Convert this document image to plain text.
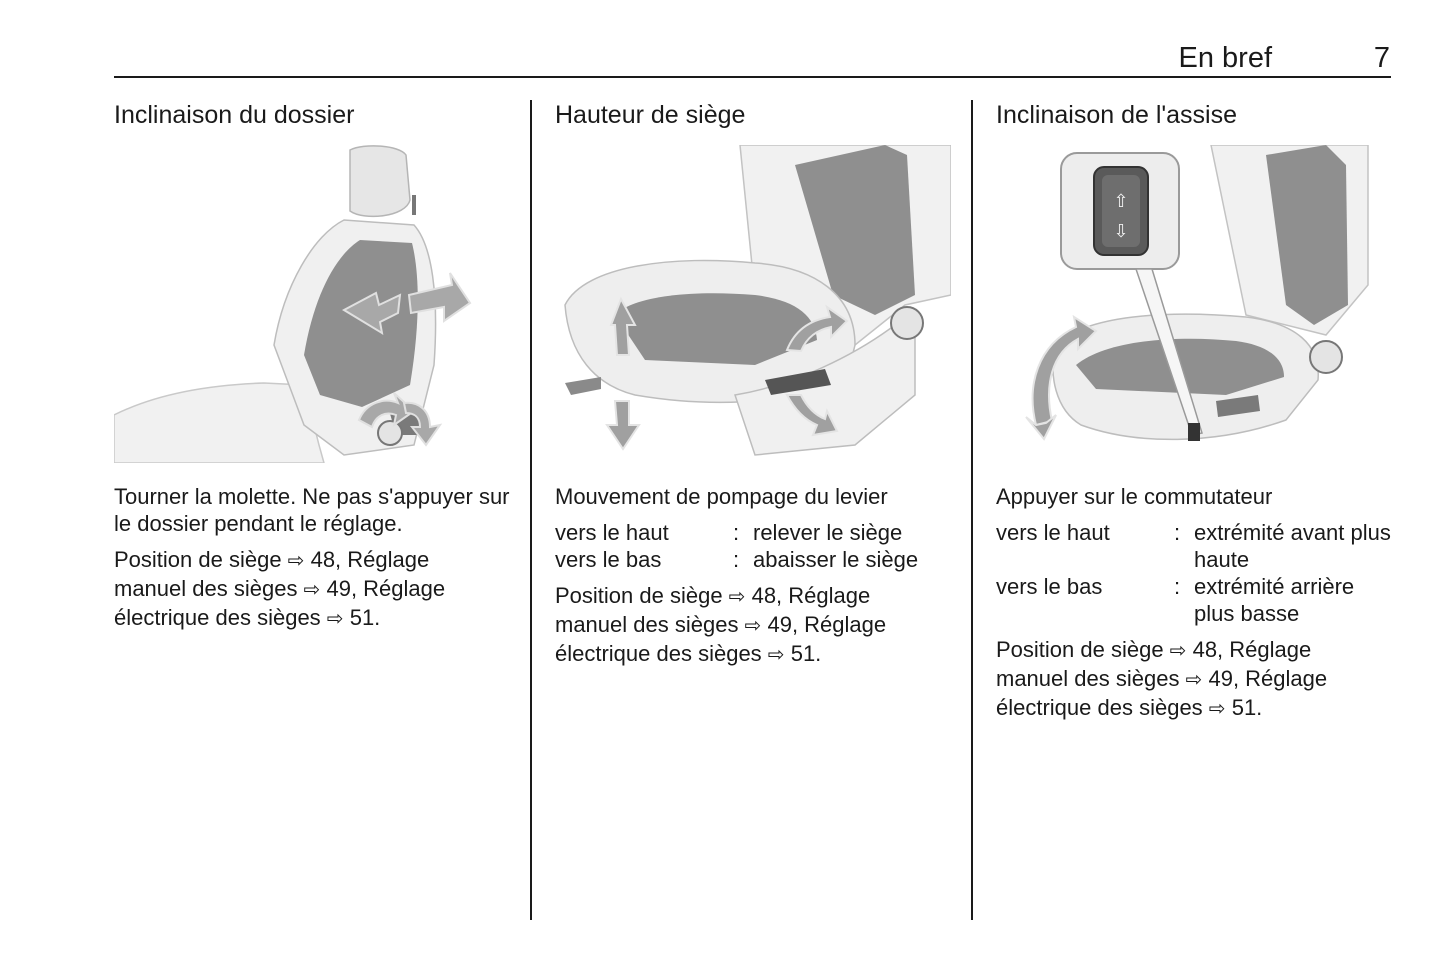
En bref	7
Inclinaison du dossier

Tourner la molette. Ne pas s'appuyer sur le dossier pendant le réglage.

Position de siège ⇨ 48, Réglage
manuel des sièges ⇨ 49, Réglage
électrique des sièges ⇨ 51.

Hauteur de siège

Mouvement de pompage du levier

vers le haut	: relever le siège
vers le bas	: abaisser le siège

Position de siège ⇨ 48, Réglage
manuel des sièges ⇨ 49, Réglage
électrique des sièges ⇨ 51.

Inclinaison de l'assise
⇧
⇩

Appuyer sur le commutateur

vers le haut	: extrémité avant plus haute
vers le bas	: extrémité arrière plus basse

Position de siège ⇨ 48, Réglage
manuel des sièges ⇨ 49, Réglage
électrique des sièges ⇨ 51.
